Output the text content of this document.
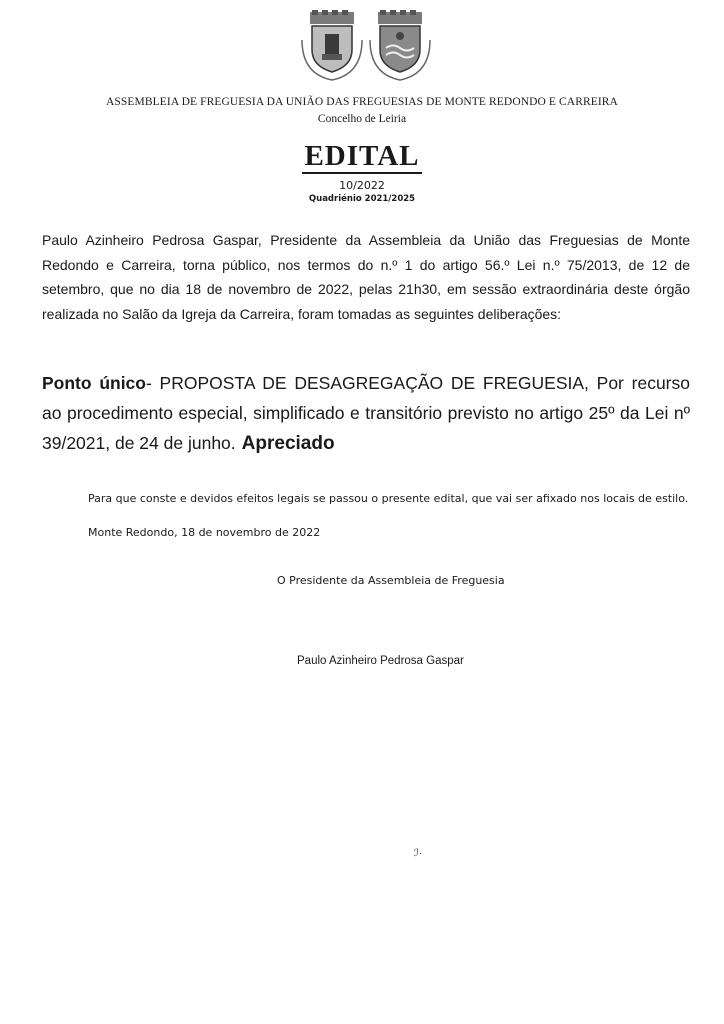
ASSEMBLEIA DE FREGUESIA DA UNIÃO DAS FREGUESIAS DE MONTE REDONDO E CARREIRA
Concelho de Leiria
EDITAL
10/2022
Quadriénio 2021/2025
Paulo Azinheiro Pedrosa Gaspar, Presidente da Assembleia da União das Freguesias de Monte Redondo e Carreira, torna público, nos termos do n.º 1 do artigo 56.º Lei n.º 75/2013, de 12 de setembro, que no dia 18 de novembro de 2022, pelas 21h30, em sessão extraordinária deste órgão realizada no Salão da Igreja da Carreira, foram tomadas as seguintes deliberações:
Ponto único- PROPOSTA DE DESAGREGAÇÃO DE FREGUESIA, Por recurso ao procedimento especial, simplificado e transitório previsto no artigo 25º da Lei nº 39/2021, de 24 de junho. Apreciado
Para que conste e devidos efeitos legais se passou o presente edital, que vai ser afixado nos locais de estilo.
Monte Redondo, 18 de novembro de 2022
O Presidente da Assembleia de Freguesia
Paulo Azinheiro Pedrosa Gaspar
ℐ·
